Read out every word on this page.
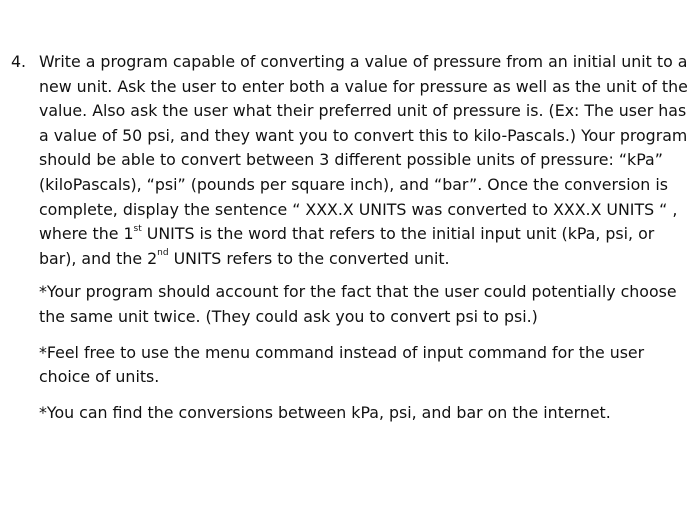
4. Write a program capable of converting a value of pressure from an initial unit to a new unit. Ask the user to enter both a value for pressure as well as the unit of the value. Also ask the user what their preferred unit of pressure is. (Ex: The user has a value of 50 psi, and they want you to convert this to kilo-Pascals.) Your program should be able to convert between 3 different possible units of pressure: “kPa” (kiloPascals), “psi” (pounds per square inch), and “bar”. Once the conversion is complete, display the sentence “ XXX.X UNITS was converted to XXX.X UNITS “ , where the 1st UNITS is the word that refers to the initial input unit (kPa, psi, or bar), and the 2nd UNITS refers to the converted unit.

*Your program should account for the fact that the user could potentially choose the same unit twice. (They could ask you to convert psi to psi.)

*Feel free to use the menu command instead of input command for the user choice of units.

*You can find the conversions between kPa, psi, and bar on the internet.
